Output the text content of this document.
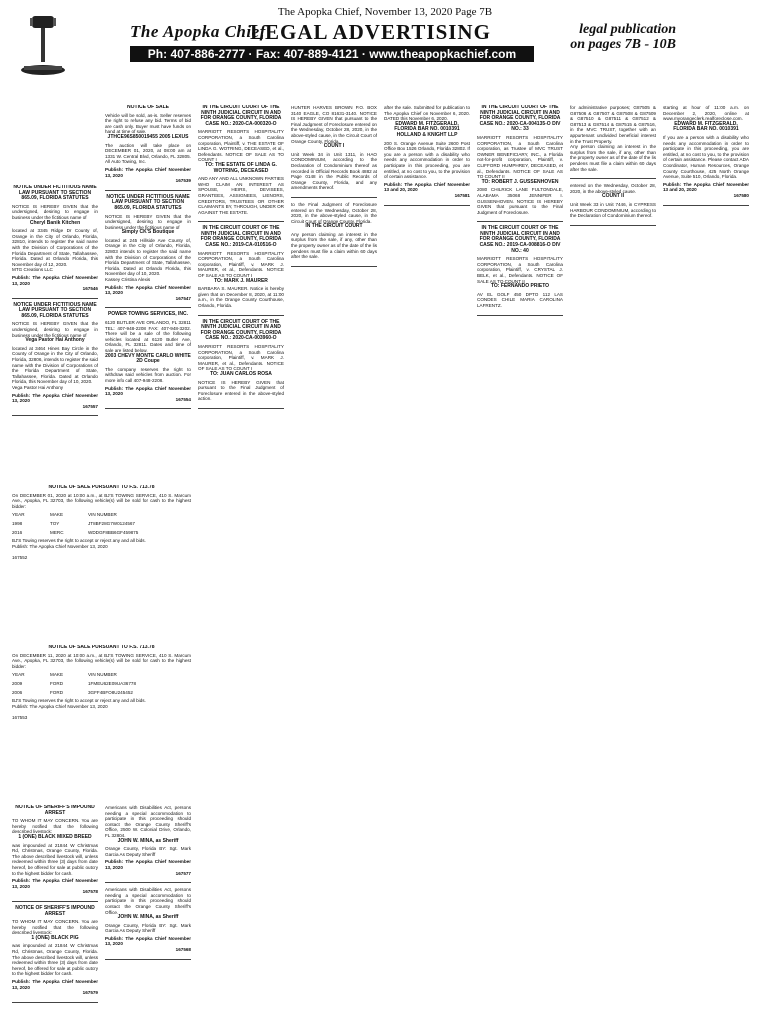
The Apopka Chief, November 13, 2020 Page 7B
The Apopka Chief
LEGAL ADVERTISING	legal publication
on pages 7B - 10B
Ph: 407-886-2777 · Fax: 407-889-4121 · www.theapopkachief.com
NOTICE UNDER FICTITIOUS NAME LAW PURSUANT TO SECTION 865.09, FLORIDA STATUTES
NOTICE IS HEREBY GIVEN that the undersigned, desiring to engage in business under the fictitious name of
Cheryl Banik Kitchen
located at 3345 Ridge Dr County of, Orange in the City of Orlando, Florida, 32810, intends to register the said name with the Division of Corporations of the Florida Department of State, Tallahassee, Florida. Dated at Orlando Florida, this November day of 12, 2020.
MTG Creations LLC
Publish: The Apopka Chief November 13, 2020
167546
NOTICE UNDER FICTITIOUS NAME LAW PURSUANT TO SECTION 865.09, FLORIDA STATUTES
NOTICE IS HEREBY GIVEN that the undersigned, desiring to engage in business under the fictitious name of
Vega Pastor Hai Anthony
located at 3464 Hines Bay Circle in the County of Orange in the City of Orlando, Florida, 32806, intends to register the said name with the Division of Corporations of the Florida Department of State, Tallahassee, Florida. Dated at Orlando Florida, this November day of 10, 2020.
Vega Pastor Hai Anthony
Publish: The Apopka Chief November 13, 2020
167557
NOTICE OF SALE
Vehicle will be sold, as-is. Seller reserves the right to refuse any bid. Terms of bid are cash only. Buyer must have funds on hand at time of sale.
JTHCE96S850019455 2005 LEXUS
The auction will take place on DECEMBER 01, 2020, at 08:00 am at 1331 W. Central Blvd, Orlando, FL 32805. All Auto Towing, Inc.
Publish: The Apopka Chief November 13, 2020
167539
NOTICE UNDER FICTITIOUS NAME LAW PURSUANT TO SECTION 865.09, FLORIDA STATUTES
NOTICE IS HEREBY GIVEN that the undersigned, desiring to engage in business under the fictitious name of
Simply CK'S Boutique
located at 245 Hillside Ave County of, Orange in the City of Orlando, Florida, 32803 intends to register the said name with the Division of Corporations of the Florida Department of State, Tallahassee, Florida. Dated at Orlando Florida, this November day of 10, 2020.
Kassey Cristina Alexis
Publish: The Apopka Chief November 13, 2020
167547
POWER TOWING SERVICES, INC.
6120 BUTLER AVE ORLANDO, FL 32811 TEL: 407-948-2208 FAX: 407-948-3202. There will be a sale of the following vehicles located at 6120 Butler Ave, Orlando, FL 32811. Dates and time of sale are listed below.
2003 CHEVY MONTE CARLO WHITE 2D Coupe
The company reserves the right to withdraw said vehicles from auction. For more info call 407-948-2208.
Publish: The Apopka Chief November 13, 2020
167554
IN THE CIRCUIT COURT OF THE NINTH JUDICIAL CIRCUIT IN AND FOR ORANGE COUNTY, FLORIDA CASE NO.: 2020-CA-000320-O
MARRIOTT RESORTS HOSPITALITY CORPORATION, a South Carolina corporation, Plaintiff, v. THE ESTATE OF LINDA G. WOTRING, DECEASED, et al., Defendants. NOTICE OF SALE AS TO COUNT I
TO: THE ESTATE OF LINDA G. WOTRING, DECEASED
AND ANY AND ALL UNKNOWN PARTIES WHO CLAIM AN INTEREST AS SPOUSE, HEIRS, DEVISEES, GRANTEES, ASSIGNEES, LIENORS, CREDITORS, TRUSTEES OR OTHER CLAIMANTS BY, THROUGH, UNDER OR AGAINST THE ESTATE.
IN THE CIRCUIT COURT OF THE NINTH JUDICIAL CIRCUIT IN AND FOR ORANGE COUNTY, FLORIDA CASE NO.: 2019-CA-010516-O
MARRIOTT RESORTS HOSPITALITY CORPORATION, a South Carolina corporation, Plaintiff, v. MARK J. MAURER, et al., Defendants. NOTICE OF SALE AS TO COUNT I
TO: MARK J. MAURER
BARBARA S. MAURER. Notice is hereby given that on December 8, 2020, at 11:00 a.m., in the Orange County Courthouse, Orlando, Florida.
IN THE CIRCUIT COURT OF THE NINTH JUDICIAL CIRCUIT IN AND FOR ORANGE COUNTY, FLORIDA CASE NO.: 2020-CA-003960-O
MARRIOTT RESORTS HOSPITALITY CORPORATION, a South Carolina corporation, Plaintiff, v. MARK J. MAURER, et al., Defendants. NOTICE OF SALE AS TO COUNT I
TO: JUAN CARLOS ROSA
NOTICE IS HEREBY GIVEN that pursuant to the Final Judgment of Foreclosure entered in the above-styled action.
HUNTER HARVES BROWN P.O. BOX 3140 EAGLE, CO 81631-3140. NOTICE IS HEREBY GIVEN that pursuant to the Final Judgment of Foreclosure entered on the Wednesday, October 28, 2020, in the above-styled cause, in the Circuit Court of Orange County, Florida.
COUNT I
Unit Week 34 in Unit 1311, in HAO CONDOMINIUM, according to the Declaration of Condominium thereof as recorded in Official Records Book 4882 at Page 0148 in the Public Records of Orange County, Florida, and any amendments thereof.
to the Final Judgment of Foreclosure entered on the Wednesday, October 28, 2020, in the above-styled cause, in the Circuit Court of Orange County, Florida.
IN THE CIRCUIT COURT
Any person claiming an interest in the surplus from the sale, if any, other than the property owner as of the date of the lis pendens must file a claim within 60 days after the sale.
after the sale. Submitted for publication to The Apopka Chief on November 6, 2020. DATED this November 6, 2020.
EDWARD M. FITZGERALD, FLORIDA BAR NO. 0010391 HOLLAND & KNIGHT LLP
200 S. Orange Avenue Suite 2600 Post Office Box 1526 Orlando, Florida 32802. If you are a person with a disability who needs any accommodation in order to participate in this proceeding, you are entitled, at no cost to you, to the provision of certain assistance.
Publish: The Apopka Chief November 13 and 20, 2020
167581
IN THE CIRCUIT COURT OF THE NINTH JUDICIAL CIRCUIT IN AND FOR ORANGE COUNTY, FLORIDA CASE NO.: 2020-CA-004135-O DIV NO.: 33
MARRIOTT RESORTS HOSPITALITY CORPORATION, a South Carolina corporation, as Trustee of MVC TRUST OWNER BENEFICIARY, INC., a Florida not-for-profit corporation, Plaintiff, v. CLIFFORD HUMPHREY, DECEASED, et al., Defendants. NOTICE OF SALE AS TO COUNT II
TO: ROBERT J. GUSSENHOVEN
2080 CHILRICK LANE FULTONDALE, ALABAMA 35068 JENNIFER I. GUSSENHOVEN. NOTICE IS HEREBY GIVEN that pursuant to the Final Judgment of Foreclosure.
IN THE CIRCUIT COURT OF THE NINTH JUDICIAL CIRCUIT IN AND FOR ORANGE COUNTY, FLORIDA CASE NO.: 2019-CA-008816-O DIV NO.: 40
MARRIOTT RESORTS HOSPITALITY CORPORATION, a South Carolina corporation, Plaintiff, v. CRYSTAL J. BELK, et al., Defendants. NOTICE OF SALE AS TO COUNT II
TO: FERNANDO PRIETO
AV EL GOLF 450 DPTO 112 LAS CONDES CHILE MARIA CAROLINA LAFRENTZ.
for administrative purposes; G87505 & G87506 & G87507 & G87508 & G87509 & G87510 & G87511 & G87512 & G87513 & G87514 & G87515 & G87516, in the MVC TRUST, together with an appurtenant undivided beneficial interest in the Trust Property.
Any person claiming an interest in the surplus from the sale, if any, other than the property owner as of the date of the lis pendens must file a claim within 60 days after the sale.
entered on the Wednesday, October 28, 2020, in the above-styled cause.
COUNT II
Unit Week 33 in Unit 7446, in CYPRESS HARBOUR CONDOMINIUM, according to the Declaration of Condominium thereof.
starting at hour of 11:00 a.m. on December 2, 2020, online at www.myorangeclerk.realforeclose.com.
EDWARD M. FITZGERALD, FLORIDA BAR NO. 0010391
If you are a person with a disability who needs any accommodation in order to participate in this proceeding, you are entitled, at no cost to you, to the provision of certain assistance. Please contact ADA Coordinator, Human Resources, Orange County Courthouse, 425 North Orange Avenue, Suite 510, Orlando, Florida.
Publish: The Apopka Chief November 13 and 20, 2020
167580
NOTICE OF SALE PURSUANT TO F.S. 713.78
On DECEMBER 01, 2020 at 10:00 a.m., at BJ'S TOWING SERVICE, 410 S. Marcum Ave., Apopka, FL 32703, the following vehicle(s) will be sold for cash to the highest bidder:
YEAR	MAKE	VIN NUMBER
1998	TOY	JT8BF28G7W0124567
2016	MERC	WDDGF8BB6GF459875
BJ'S Towing reserves the right to accept or reject any and all bids.
Publish: The Apopka Chief November 13, 2020
167552
NOTICE OF SALE PURSUANT TO F.S. 713.78
On DECEMBER 11, 2020 at 10:00 a.m., at BJ'S TOWING SERVICE, 410 S. Marcum Ave., Apopka, FL 32703, the following vehicle(s) will be sold for cash to the highest bidder:
YEAR	MAKE	VIN NUMBER
2009	FORD	1FMEU62E09UA36778
2006	FORD	3GFF4BFO8U245452
BJ'S Towing reserves the right to accept or reject any and all bids.
Publish: The Apopka Chief November 13, 2020
167553
NOTICE OF SHERIFF'S IMPOUND ARREST
TO WHOM IT MAY CONCERN. You are hereby notified that the following described livestock:
1 (ONE) BLACK MIXED BREED
was impounded at 21844 W Christmas Rd, Christmas, Orange County, Florida. The above described livestock will, unless redeemed within three (3) days from date hereof, be offered for sale at public outcry to the highest bidder for cash.
Publish: The Apopka Chief November 13, 2020
167578
NOTICE OF SHERIFF'S IMPOUND ARREST
TO WHOM IT MAY CONCERN. You are hereby notified that the following described livestock:
1 (ONE) BLACK PIG
was impounded at 21844 W Christmas Rd, Christmas, Orange County, Florida. The above described livestock will, unless redeemed within three (3) days from date hereof, be offered for sale at public outcry to the highest bidder for cash.
Publish: The Apopka Chief November 13, 2020
167579
Americans with Disabilities Act, persons needing a special accommodation to participate in this proceeding should contact the Orange County Sheriff's Office, 2500 W. Colonial Drive, Orlando, FL 32804.
JOHN W. MINA, as Sheriff
Orange County, Florida BY: Sgt. Mark Garcia As Deputy Sheriff
Publish: The Apopka Chief November 13, 2020
167577
Americans with Disabilities Act, persons needing a special accommodation to participate in this proceeding should contact the Orange County Sheriff's Office.
JOHN W. MINA, as Sheriff
Orange County, Florida BY: Sgt. Mark Garcia As Deputy Sheriff
Publish: The Apopka Chief November 13, 2020
167568
